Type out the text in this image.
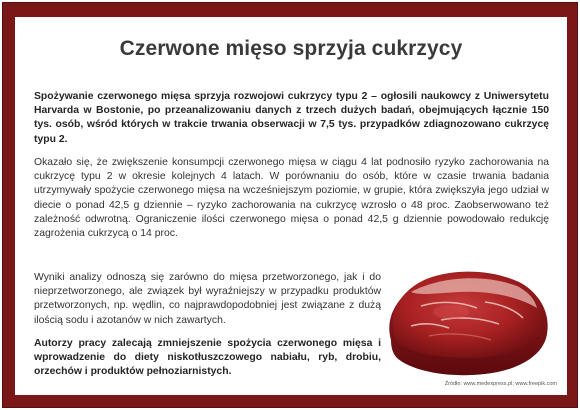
Czerwone mięso sprzyja cukrzycy
Spożywanie czerwonego mięsa sprzyja rozwojowi cukrzycy typu 2 – ogłosili naukowcy z Uniwersytetu Harvarda w Bostonie, po przeanalizowaniu danych z trzech dużych badań, obejmujących łącznie 150 tys. osób, wśród których w trakcie trwania obserwacji w 7,5 tys. przypadków zdiagnozowano cukrzycę typu 2.
Okazało się, że zwiększenie konsumpcji czerwonego mięsa w ciągu 4 lat podnosiło ryzyko zachorowania na cukrzycę typu 2 w okresie kolejnych 4 latach. W porównaniu do osób, które w czasie trwania badania utrzymywały spożycie czerwonego mięsa na wcześniejszym poziomie, w grupie, która zwiększyła jego udział w diecie o ponad 42,5 g dziennie – ryzyko zachorowania na cukrzycę wzrosło o 48 proc. Zaobserwowano też zależność odwrotną. Ograniczenie ilości czerwonego mięsa o ponad 42,5 g dziennie powodowało redukcję zagrożenia cukrzycą o 14 proc.
Wyniki analizy odnoszą się zarówno do mięsa przetworzonego, jak i do nieprzetworzonego, ale związek był wyraźniejszy w przypadku produktów przetworzonych, np. wędlin, co najprawdopodobniej jest związane z dużą ilością sodu i azotanów w nich zawartych.
Autorzy pracy zalecają zmniejszenie spożycia czerwonego mięsa i wprowadzenie do diety niskotłuszczowego nabiału, ryb, drobiu, orzechów i produktów pełnoziarnistych.
Źródło: www.medexpress.pl; www.freepik.com
